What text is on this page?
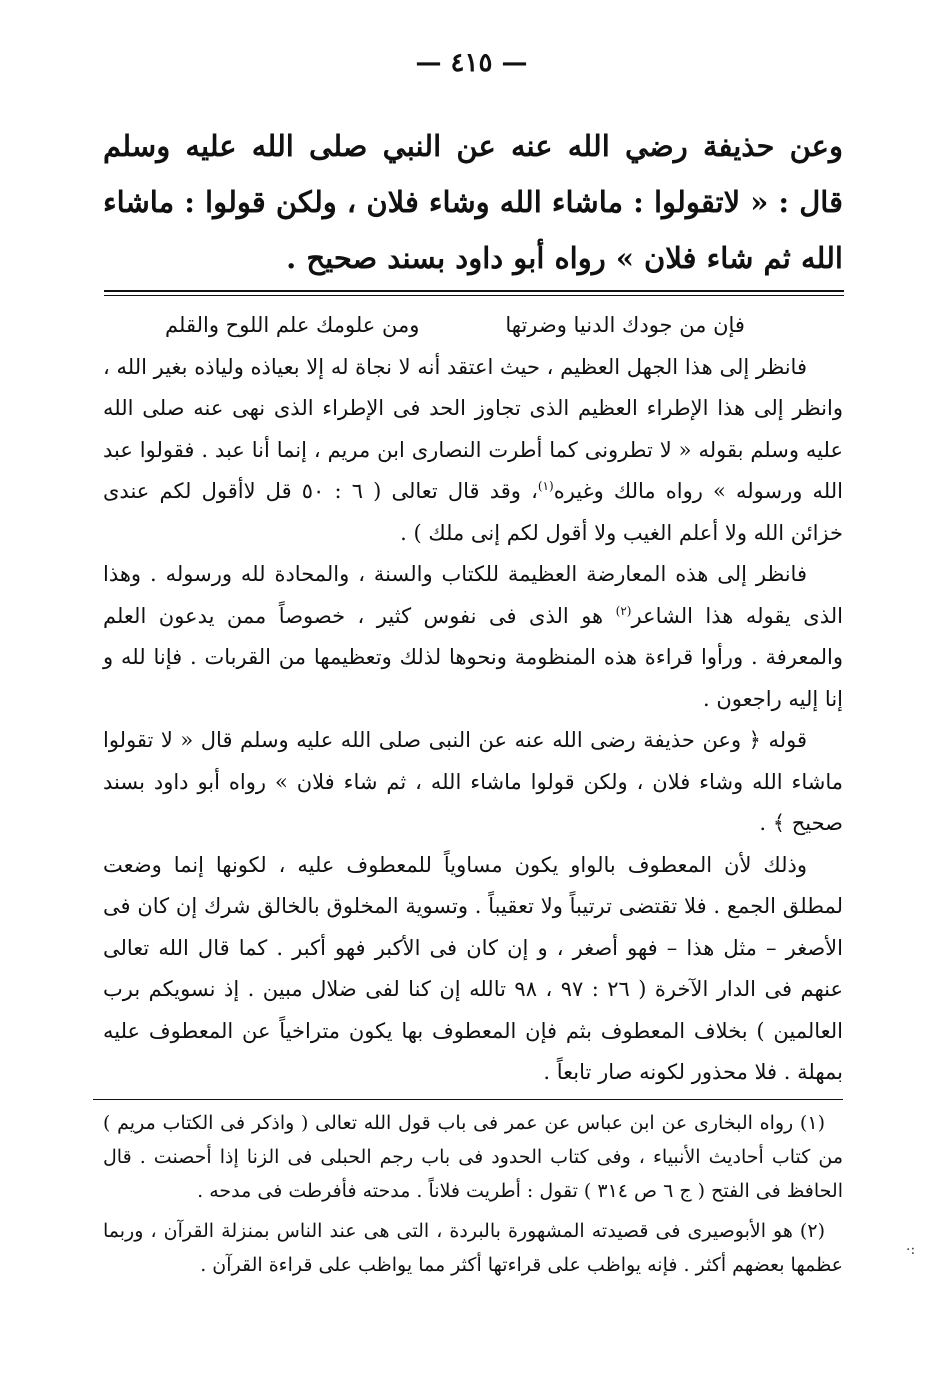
— ٤١٥ —
وعن حذيفة رضي الله عنه عن النبي صلى الله عليه وسلم قال : « لاتقولوا : ماشاء الله وشاء فلان ، ولكن قولوا : ماشاء الله ثم شاء فلان » رواه أبو داود بسند صحيح .

فإن من جودك الدنيا وضرتها
ومن علومك علم اللوح والقلم

فانظر إلى هذا الجهل العظيم ، حيث اعتقد أنه لا نجاة له إلا بعياذه ولياذه بغير الله ، وانظر إلى هذا الإطراء العظيم الذى تجاوز الحد فى الإطراء الذى نهى عنه صلى الله عليه وسلم بقوله « لا تطرونى كما أطرت النصارى ابن مريم ، إنما أنا عبد . فقولوا عبد الله ورسوله » رواه مالك وغيره$^{(١)}$، وقد قال تعالى ( ٦ : ٥٠ قل لاأقول لكم عندى خزائن الله ولا أعلم الغيب ولا أقول لكم إنى ملك ) .

فانظر إلى هذه المعارضة العظيمة للكتاب والسنة ، والمحادة لله ورسوله . وهذا الذى يقوله هذا الشاعر$^{(٢)}$ هو الذى فى نفوس كثير ، خصوصاً ممن يدعون العلم والمعرفة . ورأوا قراءة هذه المنظومة ونحوها لذلك وتعظيمها من القربات . فإنا لله و إنا إليه راجعون .

قوله ﴿ وعن حذيفة رضى الله عنه عن النبى صلى الله عليه وسلم قال « لا تقولوا ماشاء الله وشاء فلان ، ولكن قولوا ماشاء الله ، ثم شاء فلان » رواه أبو داود بسند صحيح ﴾ .

وذلك لأن المعطوف بالواو يكون مساوياً للمعطوف عليه ، لكونها إنما وضعت لمطلق الجمع . فلا تقتضى ترتيباً ولا تعقيباً . وتسوية المخلوق بالخالق شرك إن كان فى الأصغر – مثل هذا – فهو أصغر ، و إن كان فى الأكبر فهو أكبر . كما قال الله تعالى عنهم فى الدار الآخرة ( ٢٦ : ٩٧ ، ٩٨ تالله إن كنا لفى ضلال مبين . إذ نسويكم برب العالمين ) بخلاف المعطوف بثم فإن المعطوف بها يكون متراخياً عن المعطوف عليه بمهلة . فلا محذور لكونه صار تابعاً .

(١) رواه البخارى عن ابن عباس عن عمر فى باب قول الله تعالى ( واذكر فى الكتاب مريم ) من كتاب أحاديث الأنبياء ، وفى كتاب الحدود فى باب رجم الحبلى فى الزنا إذا أحصنت . قال الحافظ فى الفتح ( ج ٦ ص ٣١٤ ) تقول : أطريت فلاناً . مدحته فأفرطت فى مدحه .

(٢) هو الأبوصيرى فى قصيدته المشهورة بالبردة ، التى هى عند الناس بمنزلة القرآن ، وربما عظمها بعضهم أكثر . فإنه يواظب على قراءتها أكثر مما يواظب على قراءة القرآن .

·:
